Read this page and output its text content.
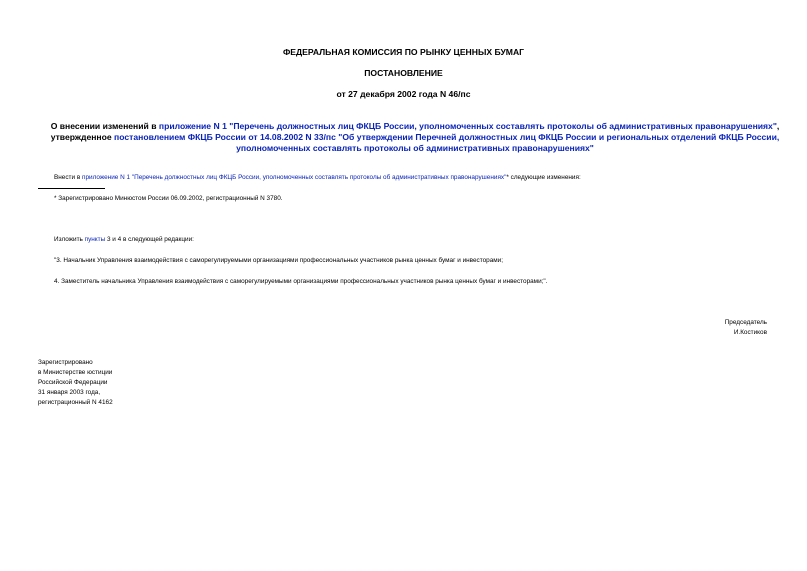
ФЕДЕРАЛЬНАЯ КОМИССИЯ ПО РЫНКУ ЦЕННЫХ БУМАГ
ПОСТАНОВЛЕНИЕ
от 27 декабря 2002 года N 46/пс
О внесении изменений в приложение N 1 "Перечень должностных лиц ФКЦБ России, уполномоченных составлять протоколы об административных правонарушениях", утвержденное постановлением ФКЦБ России от 14.08.2002 N 33/пс "Об утверждении Перечней должностных лиц ФКЦБ России и региональных отделений ФКЦБ России, уполномоченных составлять протоколы об административных правонарушениях"
Внести в приложение N 1 "Перечень должностных лиц ФКЦБ России, уполномоченных составлять протоколы об административных правонарушениях"* следующие изменения:
* Зарегистрировано Минюстом России 06.09.2002, регистрационный N 3780.
Изложить пункты 3 и 4 в следующей редакции:
"3. Начальник Управления взаимодействия с саморегулируемыми организациями профессиональных участников рынка ценных бумаг и инвесторами;
4. Заместитель начальника Управления взаимодействия с саморегулируемыми организациями профессиональных участников рынка ценных бумаг и инвесторами;".
Председатель
И.Костиков
Зарегистрировано
в Министерстве юстиции
Российской Федерации
31 января 2003 года,
регистрационный N 4162
